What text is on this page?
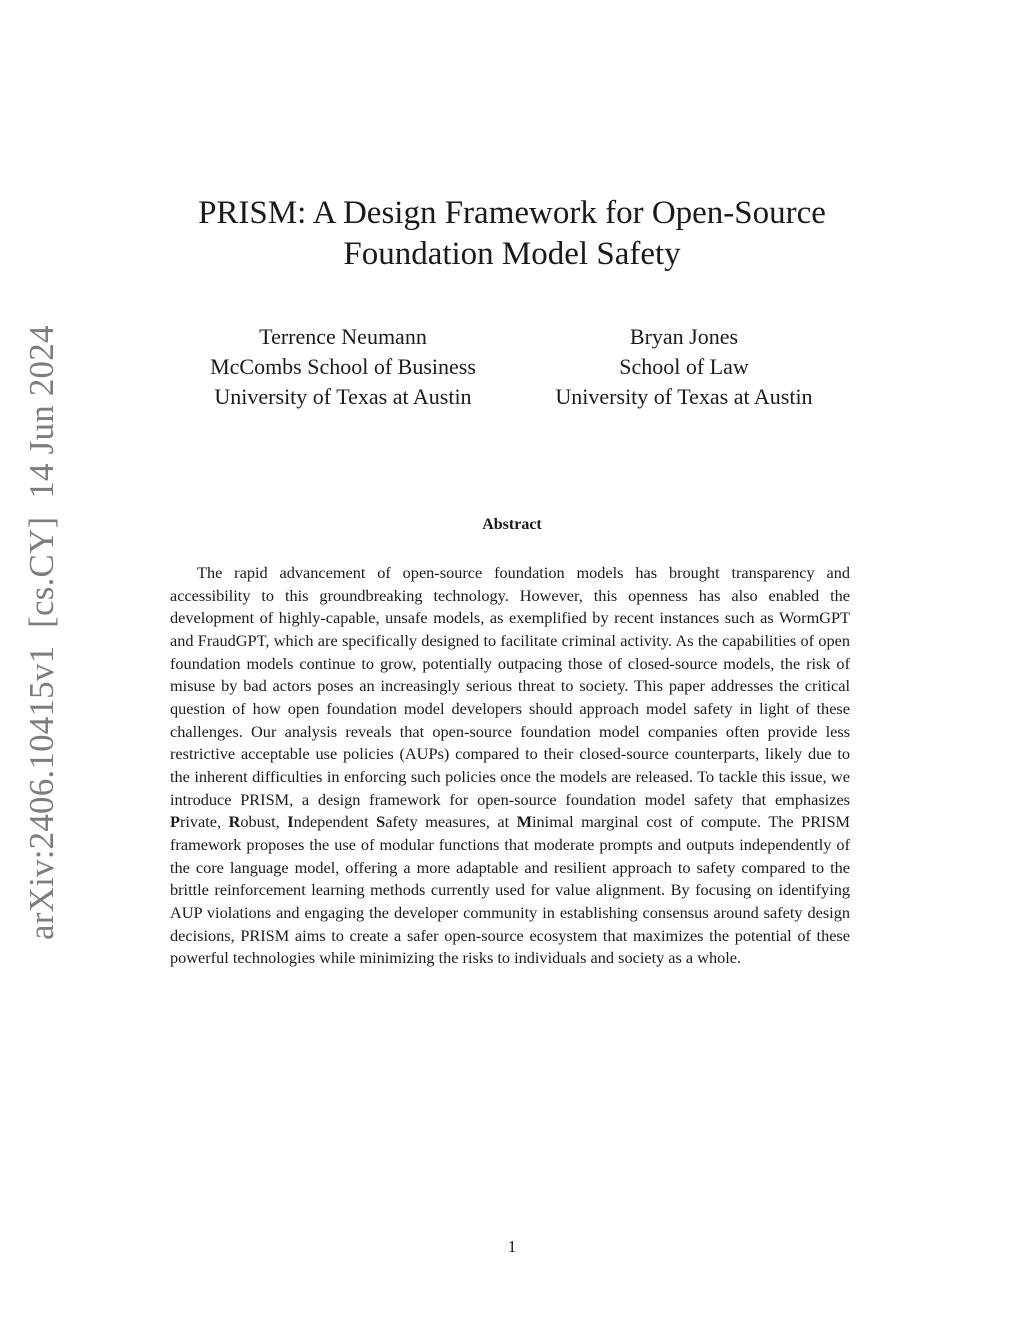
arXiv:2406.10415v1  [cs.CY]  14 Jun 2024
PRISM: A Design Framework for Open-Source
Foundation Model Safety
Terrence Neumann
McCombs School of Business
University of Texas at Austin
Bryan Jones
School of Law
University of Texas at Austin
Abstract

The rapid advancement of open-source foundation models has brought transparency and accessibility to this groundbreaking technology. However, this openness has also enabled the development of highly-capable, unsafe models, as exemplified by recent instances such as WormGPT and FraudGPT, which are specifically designed to facilitate criminal activity. As the capabilities of open foundation models continue to grow, potentially outpacing those of closed-source models, the risk of misuse by bad actors poses an increasingly serious threat to society. This paper addresses the critical question of how open foundation model developers should approach model safety in light of these challenges. Our analysis reveals that open-source foundation model companies often provide less restrictive acceptable use policies (AUPs) compared to their closed-source counterparts, likely due to the inherent difficulties in enforcing such policies once the models are released. To tackle this issue, we introduce PRISM, a design framework for open-source foundation model safety that emphasizes Private, Robust, Independent Safety measures, at Minimal marginal cost of compute. The PRISM framework proposes the use of modular functions that moderate prompts and outputs independently of the core language model, offering a more adaptable and resilient approach to safety compared to the brittle reinforcement learning methods currently used for value alignment. By focusing on identifying AUP violations and engaging the developer community in establishing consensus around safety design decisions, PRISM aims to create a safer open-source ecosystem that maximizes the potential of these powerful technologies while minimizing the risks to individuals and society as a whole.

1
